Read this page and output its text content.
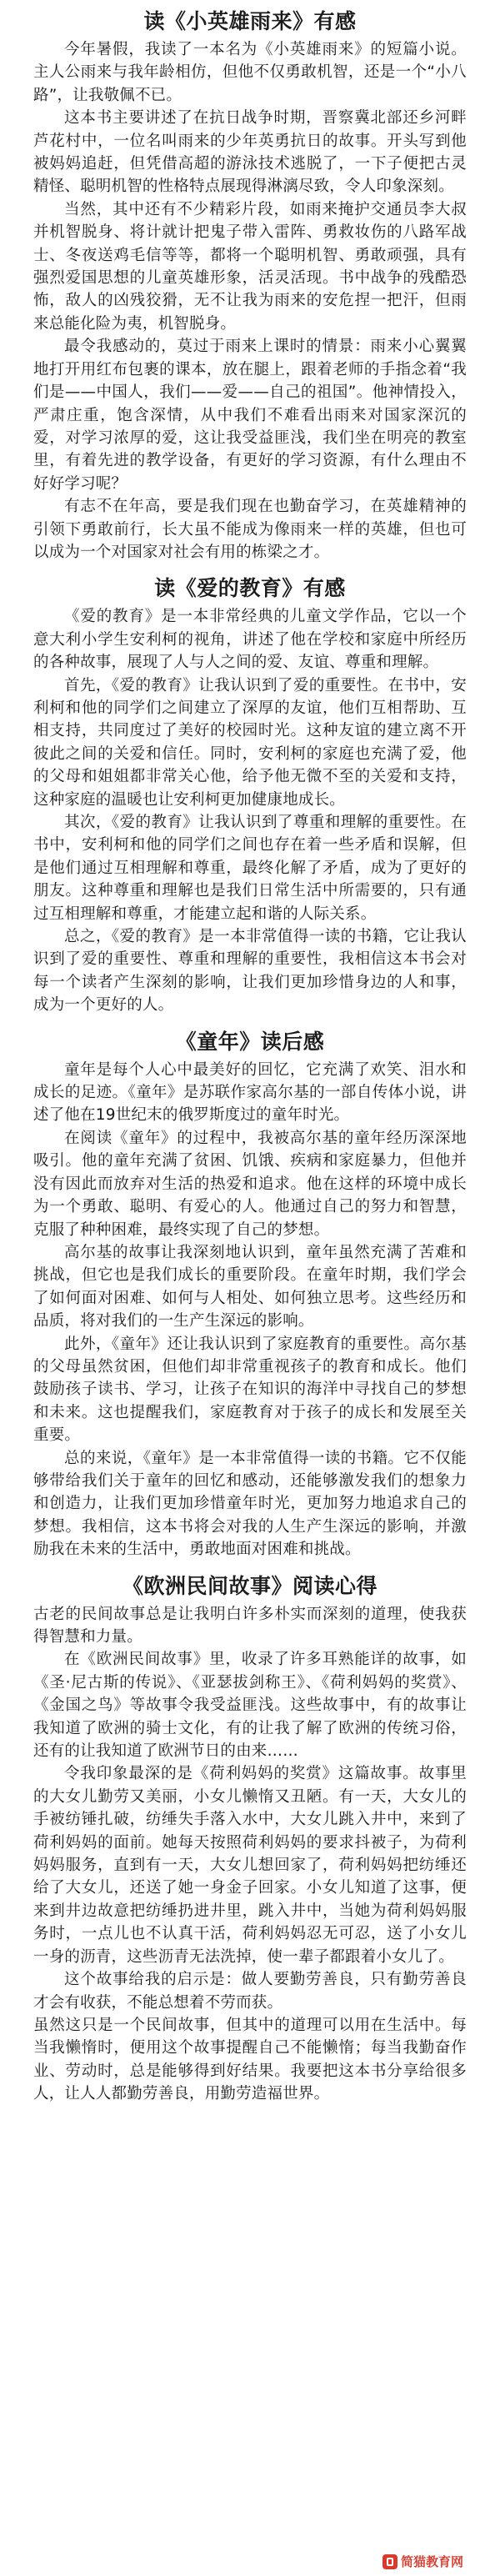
读《小英雄雨来》有感

今年暑假，我读了一本名为《小英雄雨来》的短篇小说。主人公雨来与我年龄相仿，但他不仅勇敢机智，还是一个“小八路”，让我敬佩不已。

这本书主要讲述了在抗日战争时期，晋察冀北部还乡河畔芦花村中，一位名叫雨来的少年英勇抗日的故事。开头写到他被妈妈追赶，但凭借高超的游泳技术逃脱了，一下子便把古灵精怪、聪明机智的性格特点展现得淋漓尽致，令人印象深刻。

当然，其中还有不少精彩片段，如雨来掩护交通员李大叔并机智脱身、将计就计把鬼子带入雷阵、勇救妆伤的八路军战士、冬夜送鸡毛信等等，都将一个聪明机智、勇敢顽强，具有强烈爱国思想的儿童英雄形象，活灵活现。书中战争的残酷恐怖，敌人的凶残狡猾，无不让我为雨来的安危捏一把汗，但雨来总能化险为夷，机智脱身。

最令我感动的，莫过于雨来上课时的情景：雨来小心翼翼地打开用红布包裹的课本，放在腿上，跟着老师的手指念着“我们是——中国人，我们——爱——自己的祖国”。他神情投入，严肃庄重，饱含深情，从中我们不难看出雨来对国家深沉的爱，对学习浓厚的爱，这让我受益匪浅，我们坐在明亮的教室里，有着先进的教学设备，有更好的学习资源，有什么理由不好好学习呢？

有志不在年高，要是我们现在也勤奋学习，在英雄精神的引领下勇敢前行，长大虽不能成为像雨来一样的英雄，但也可以成为一个对国家对社会有用的栋梁之才。

读《爱的教育》有感

《爱的教育》是一本非常经典的儿童文学作品，它以一个意大利小学生安利柯的视角，讲述了他在学校和家庭中所经历的各种故事，展现了人与人之间的爱、友谊、尊重和理解。

首先，《爱的教育》让我认识到了爱的重要性。在书中，安利柯和他的同学们之间建立了深厚的友谊，他们互相帮助、互相支持，共同度过了美好的校园时光。这种友谊的建立离不开彼此之间的关爱和信任。同时，安利柯的家庭也充满了爱，他的父母和姐姐都非常关心他，给予他无微不至的关爱和支持，这种家庭的温暖也让安利柯更加健康地成长。

其次，《爱的教育》让我认识到了尊重和理解的重要性。在书中，安利柯和他的同学们之间也存在着一些矛盾和误解，但是他们通过互相理解和尊重，最终化解了矛盾，成为了更好的朋友。这种尊重和理解也是我们日常生活中所需要的，只有通过互相理解和尊重，才能建立起和谐的人际关系。

总之，《爱的教育》是一本非常值得一读的书籍，它让我认识到了爱的重要性、尊重和理解的重要性，我相信这本书会对每一个读者产生深刻的影响，让我们更加珍惜身边的人和事，成为一个更好的人。

《童年》读后感

童年是每个人心中最美好的回忆，它充满了欢笑、泪水和成长的足迹。《童年》是苏联作家高尔基的一部自传体小说，讲述了他在19世纪末的俄罗斯度过的童年时光。

在阅读《童年》的过程中，我被高尔基的童年经历深深地吸引。他的童年充满了贫困、饥饿、疾病和家庭暴力，但他并没有因此而放弃对生活的热爱和追求。他在这样的环境中成长为一个勇敢、聪明、有爱心的人。他通过自己的努力和智慧，克服了种种困难，最终实现了自己的梦想。

高尔基的故事让我深刻地认识到，童年虽然充满了苦难和挑战，但它也是我们成长的重要阶段。在童年时期，我们学会了如何面对困难、如何与人相处、如何独立思考。这些经历和品质，将对我们的一生产生深远的影响。

此外，《童年》还让我认识到了家庭教育的重要性。高尔基的父母虽然贫困，但他们却非常重视孩子的教育和成长。他们鼓励孩子读书、学习，让孩子在知识的海洋中寻找自己的梦想和未来。这也提醒我们，家庭教育对于孩子的成长和发展至关重要。

总的来说，《童年》是一本非常值得一读的书籍。它不仅能够带给我们关于童年的回忆和感动，还能够激发我们的想象力和创造力，让我们更加珍惜童年时光，更加努力地追求自己的梦想。我相信，这本书将会对我的人生产生深远的影响，并激励我在未来的生活中，勇敢地面对困难和挑战。

《欧洲民间故事》阅读心得

古老的民间故事总是让我明白许多朴实而深刻的道理，使我获得智慧和力量。

在《欧洲民间故事》里，收录了许多耳熟能详的故事，如《圣·尼古斯的传说》、《亚瑟拔剑称王》、《荷利妈妈的奖赏》、《金国之鸟》等故事令我受益匪浅。这些故事中，有的故事让我知道了欧洲的骑士文化，有的让我了解了欧洲的传统习俗，还有的让我知道了欧洲节日的由来……

令我印象最深的是《荷利妈妈的奖赏》这篇故事。故事里的大女儿勤劳又美丽，小女儿懒惰又丑陋。有一天，大女儿的手被纺锤扎破，纺缍失手落入水中，大女儿跳入井中，来到了荷利妈妈的面前。她每天按照荷利妈妈的要求抖被子，为荷利妈妈服务，直到有一天，大女儿想回家了，荷利妈妈把纺缍还给了大女儿，还送了她一身金子回家。小女儿知道了这事，便来到井边故意把纺缍扔进井里，跳入井中，当她为荷利妈妈服务时，一点儿也不认真干活，荷利妈妈忍无可忍，送了小女儿一身的沥青，这些沥青无法洗掉，使一辈子都跟着小女儿了。

这个故事给我的启示是：做人要勤劳善良，只有勤劳善良才会有收获，不能总想着不劳而获。

虽然这只是一个民间故事，但其中的道理可以用在生活中。每当我懒惰时，便用这个故事提醒自己不能懒惰；每当我勤奋作业、劳动时，总是能够得到好结果。我要把这本书分享给很多人，让人人都勤劳善良，用勤劳造福世界。

简猫教育网
